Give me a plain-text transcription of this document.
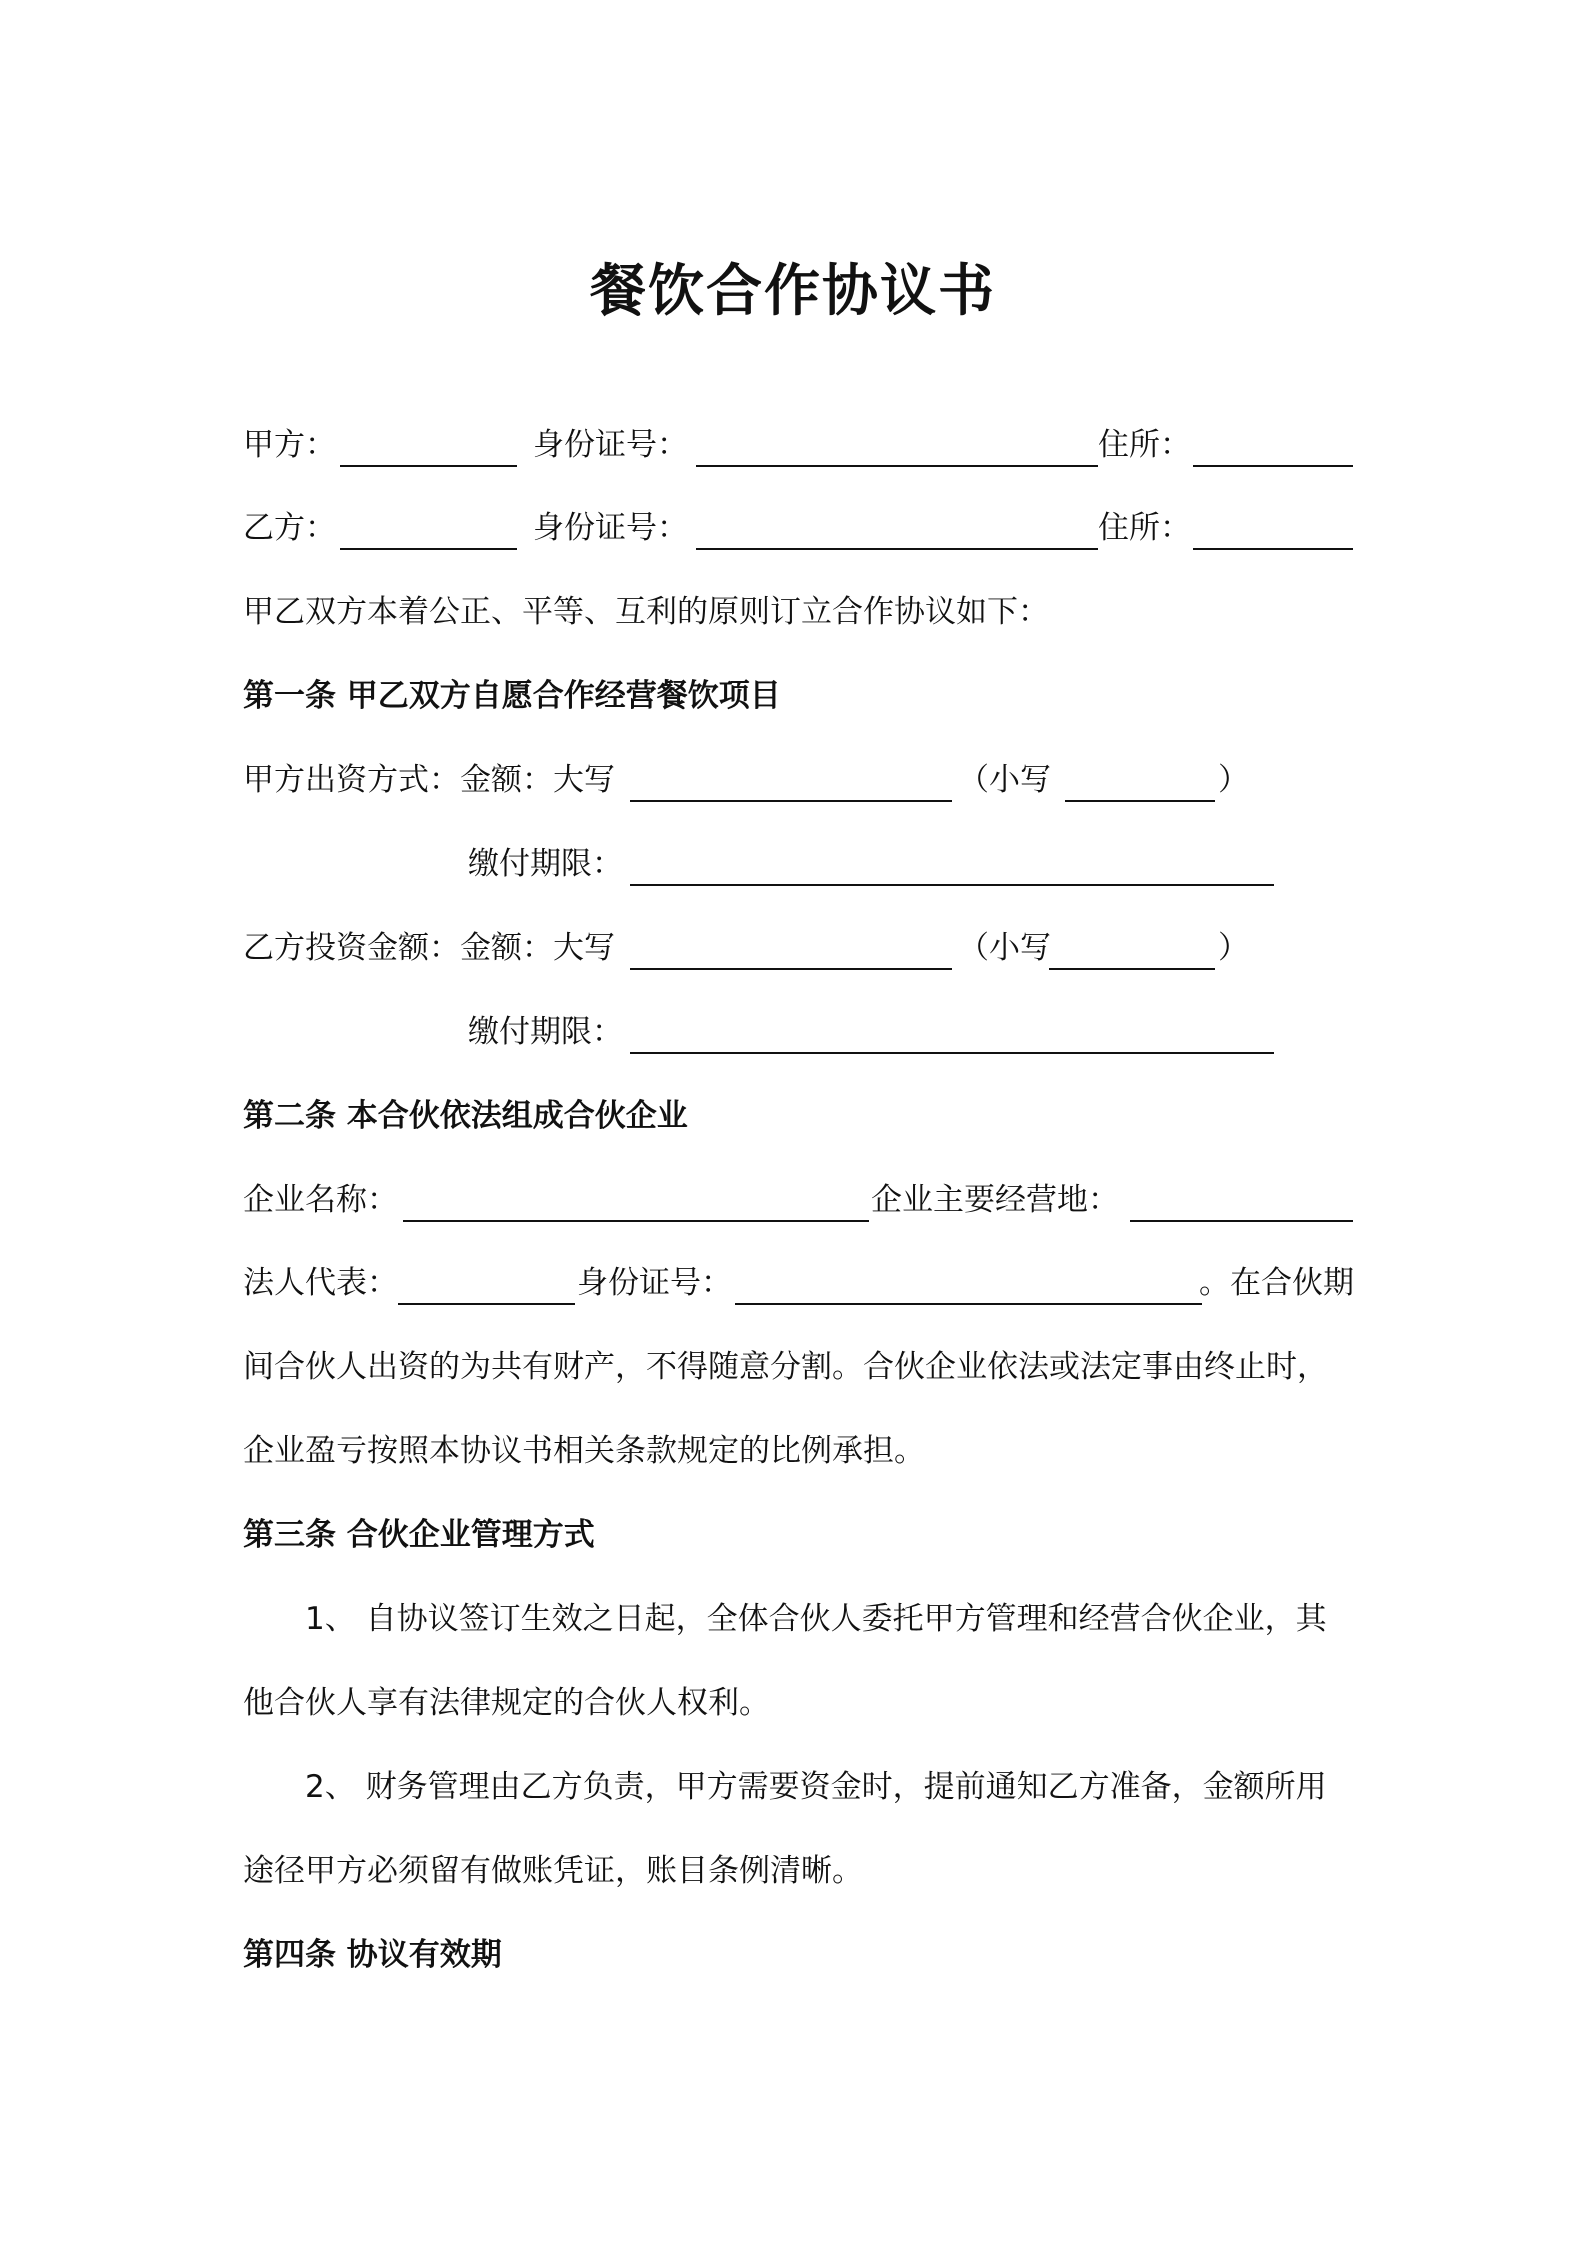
餐饮合作协议书
甲方：	身份证号：	住所：
乙方：	身份证号：	住所：
甲乙双方本着公正、平等、互利的原则订立合作协议如下：
第一条 甲乙双方自愿合作经营餐饮项目
甲方出资方式：金额：大写	（小写	）
缴付期限：
乙方投资金额：金额：大写	（小写	）
缴付期限：
第二条 本合伙依法组成合伙企业
企业名称：	企业主要经营地：
法人代表：	身份证号：	。在合伙期
间合伙人出资的为共有财产，不得随意分割。合伙企业依法或法定事由终止时，
企业盈亏按照本协议书相关条款规定的比例承担。
第三条 合伙企业管理方式
1、 自协议签订生效之日起，全体合伙人委托甲方管理和经营合伙企业，其
他合伙人享有法律规定的合伙人权利。
2、 财务管理由乙方负责，甲方需要资金时，提前通知乙方准备，金额所用
途径甲方必须留有做账凭证，账目条例清晰。
第四条 协议有效期
